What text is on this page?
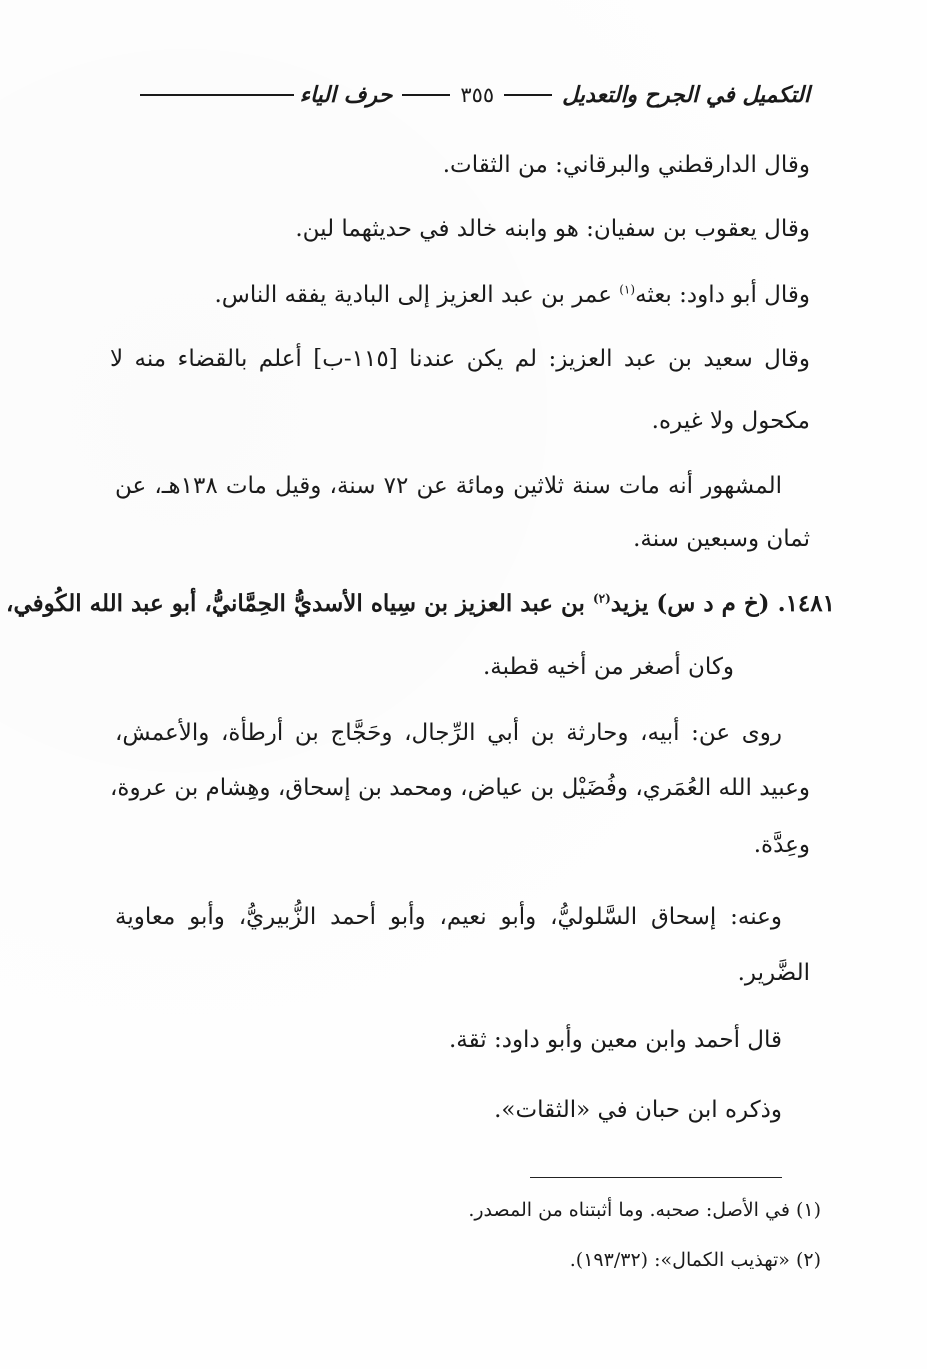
التكميل في الجرح والتعديل
٣٥٥
حرف الياء
وقال الدارقطني والبرقاني: من الثقات.
وقال يعقوب بن سفيان: هو وابنه خالد في حديثهما لين.
وقال أبو داود: بعثه$^{(١)}$ عمر بن عبد العزيز إلى البادية يفقه الناس.
وقال سعيد بن عبد العزيز: لم يكن عندنا [١١٥-ب] أعلم بالقضاء منه لا
مكحول ولا غيره.
المشهور أنه مات سنة ثلاثين ومائة عن ٧٢ سنة، وقيل مات ١٣٨هـ، عن
ثمان وسبعين سنة.
١٤٨١. (خ م د س) يزيد$^{(٢)}$ بن عبد العزيز بن سِياه الأسديُّ الحِمَّانيُّ، أبو عبد الله الكُوفي،
وكان أصغر من أخيه قطبة.
روى عن: أبيه، وحارثة بن أبي الرِّجال، وحَجَّاج بن أرطأة، والأعمش،
وعبيد الله العُمَري، وفُضَيْل بن عياض، ومحمد بن إسحاق، وهِشام بن عروة،
وعِدَّة.
وعنه: إسحاق السَّلوليُّ، وأبو نعيم، وأبو أحمد الزُّبيريُّ، وأبو معاوية
الضَّرير.
قال أحمد وابن معين وأبو داود: ثقة.
وذكره ابن حبان في «الثقات».
(١) في الأصل: صحبه. وما أثبتناه من المصدر.
(٢) «تهذيب الكمال»: (١٩٣/٣٢).
